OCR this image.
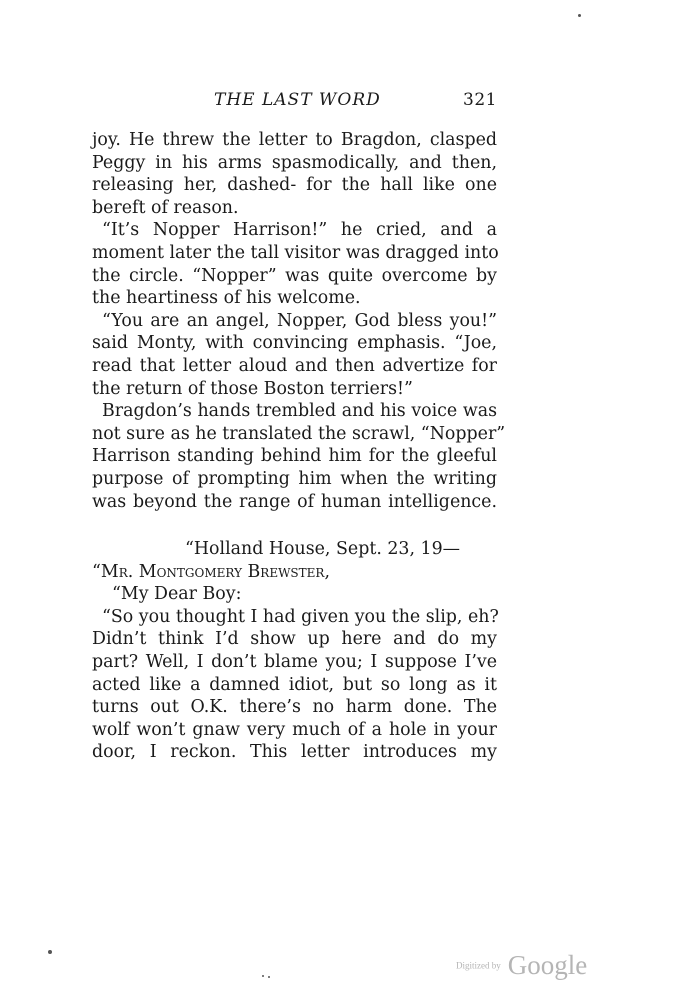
THE LAST WORD	321
joy. He threw the letter to Bragdon, clasped
Peggy in his arms spasmodically, and then,
releasing her, dashed- for the hall like one
bereft of reason.
“It’s Nopper Harrison!” he cried, and a
moment later the tall visitor was dragged into
the circle. “Nopper” was quite overcome by
the heartiness of his welcome.
“You are an angel, Nopper, God bless you!”
said Monty, with convincing emphasis. “Joe,
read that letter aloud and then advertize for
the return of those Boston terriers!”
Bragdon’s hands trembled and his voice was
not sure as he translated the scrawl, “Nopper”
Harrison standing behind him for the gleeful
purpose of prompting him when the writing
was beyond the range of human intelligence.
“Holland House, Sept. 23, 19—
“Mr. Montgomery Brewster,
“My Dear Boy:
“So you thought I had given you the slip, eh?
Didn’t think I’d show up here and do my
part? Well, I don’t blame you; I suppose I’ve
acted like a damned idiot, but so long as it
turns out O.K. there’s no harm done. The
wolf won’t gnaw very much of a hole in your
door, I reckon. This letter introduces my
Digitized by Google
